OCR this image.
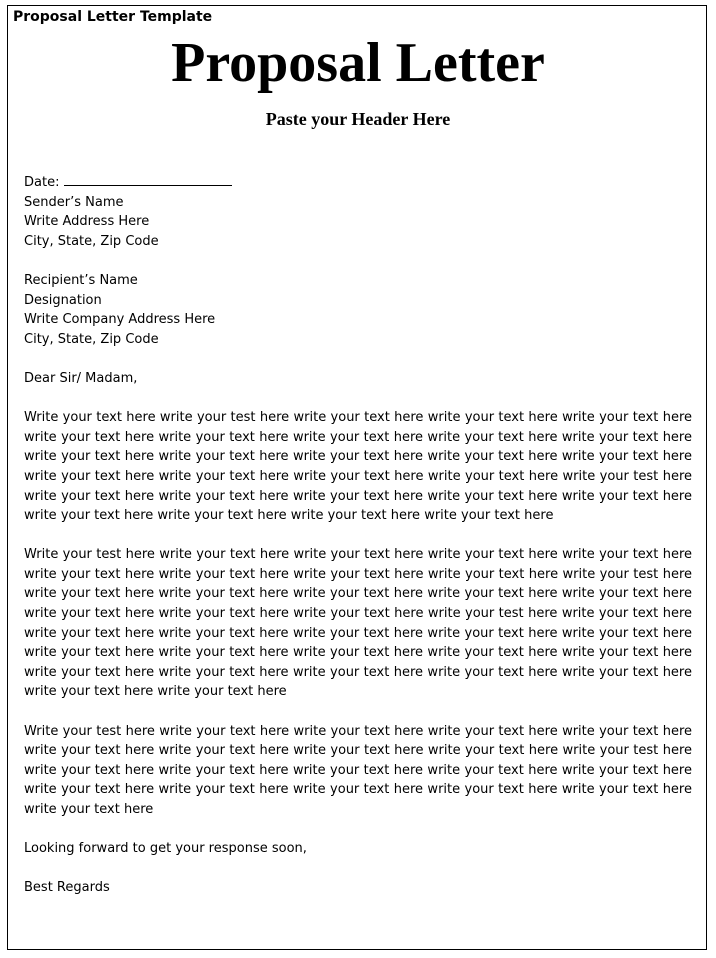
Proposal Letter Template
Proposal Letter
Paste your Header Here
Date:
Sender’s Name
Write Address Here
City, State, Zip Code
Recipient’s Name
Designation
Write Company Address Here
City, State, Zip Code
Dear Sir/ Madam,
Write your text here write your test here write your text here write your text here write your text here write your text here write your text here write your text here write your text here write your text here write your text here write your text here write your text here write your text here write your text here write your text here write your text here write your text here write your text here write your test here write your text here write your text here write your text here write your text here write your text here write your text here write your text here write your text here write your text here
Write your test here write your text here write your text here write your text here write your text here write your text here write your text here write your text here write your text here write your test here write your text here write your text here write your text here write your text here write your text here write your text here write your text here write your text here write your test here write your text here write your text here write your text here write your text here write your text here write your text here write your text here write your text here write your text here write your text here write your text here write your text here write your text here write your text here write your text here write your text here write your text here write your text here
Write your test here write your text here write your text here write your text here write your text here write your text here write your text here write your text here write your text here write your test here write your text here write your text here write your text here write your text here write your text here write your text here write your text here write your text here write your text here write your text here write your text here
Looking forward to get your response soon,
Best Regards
